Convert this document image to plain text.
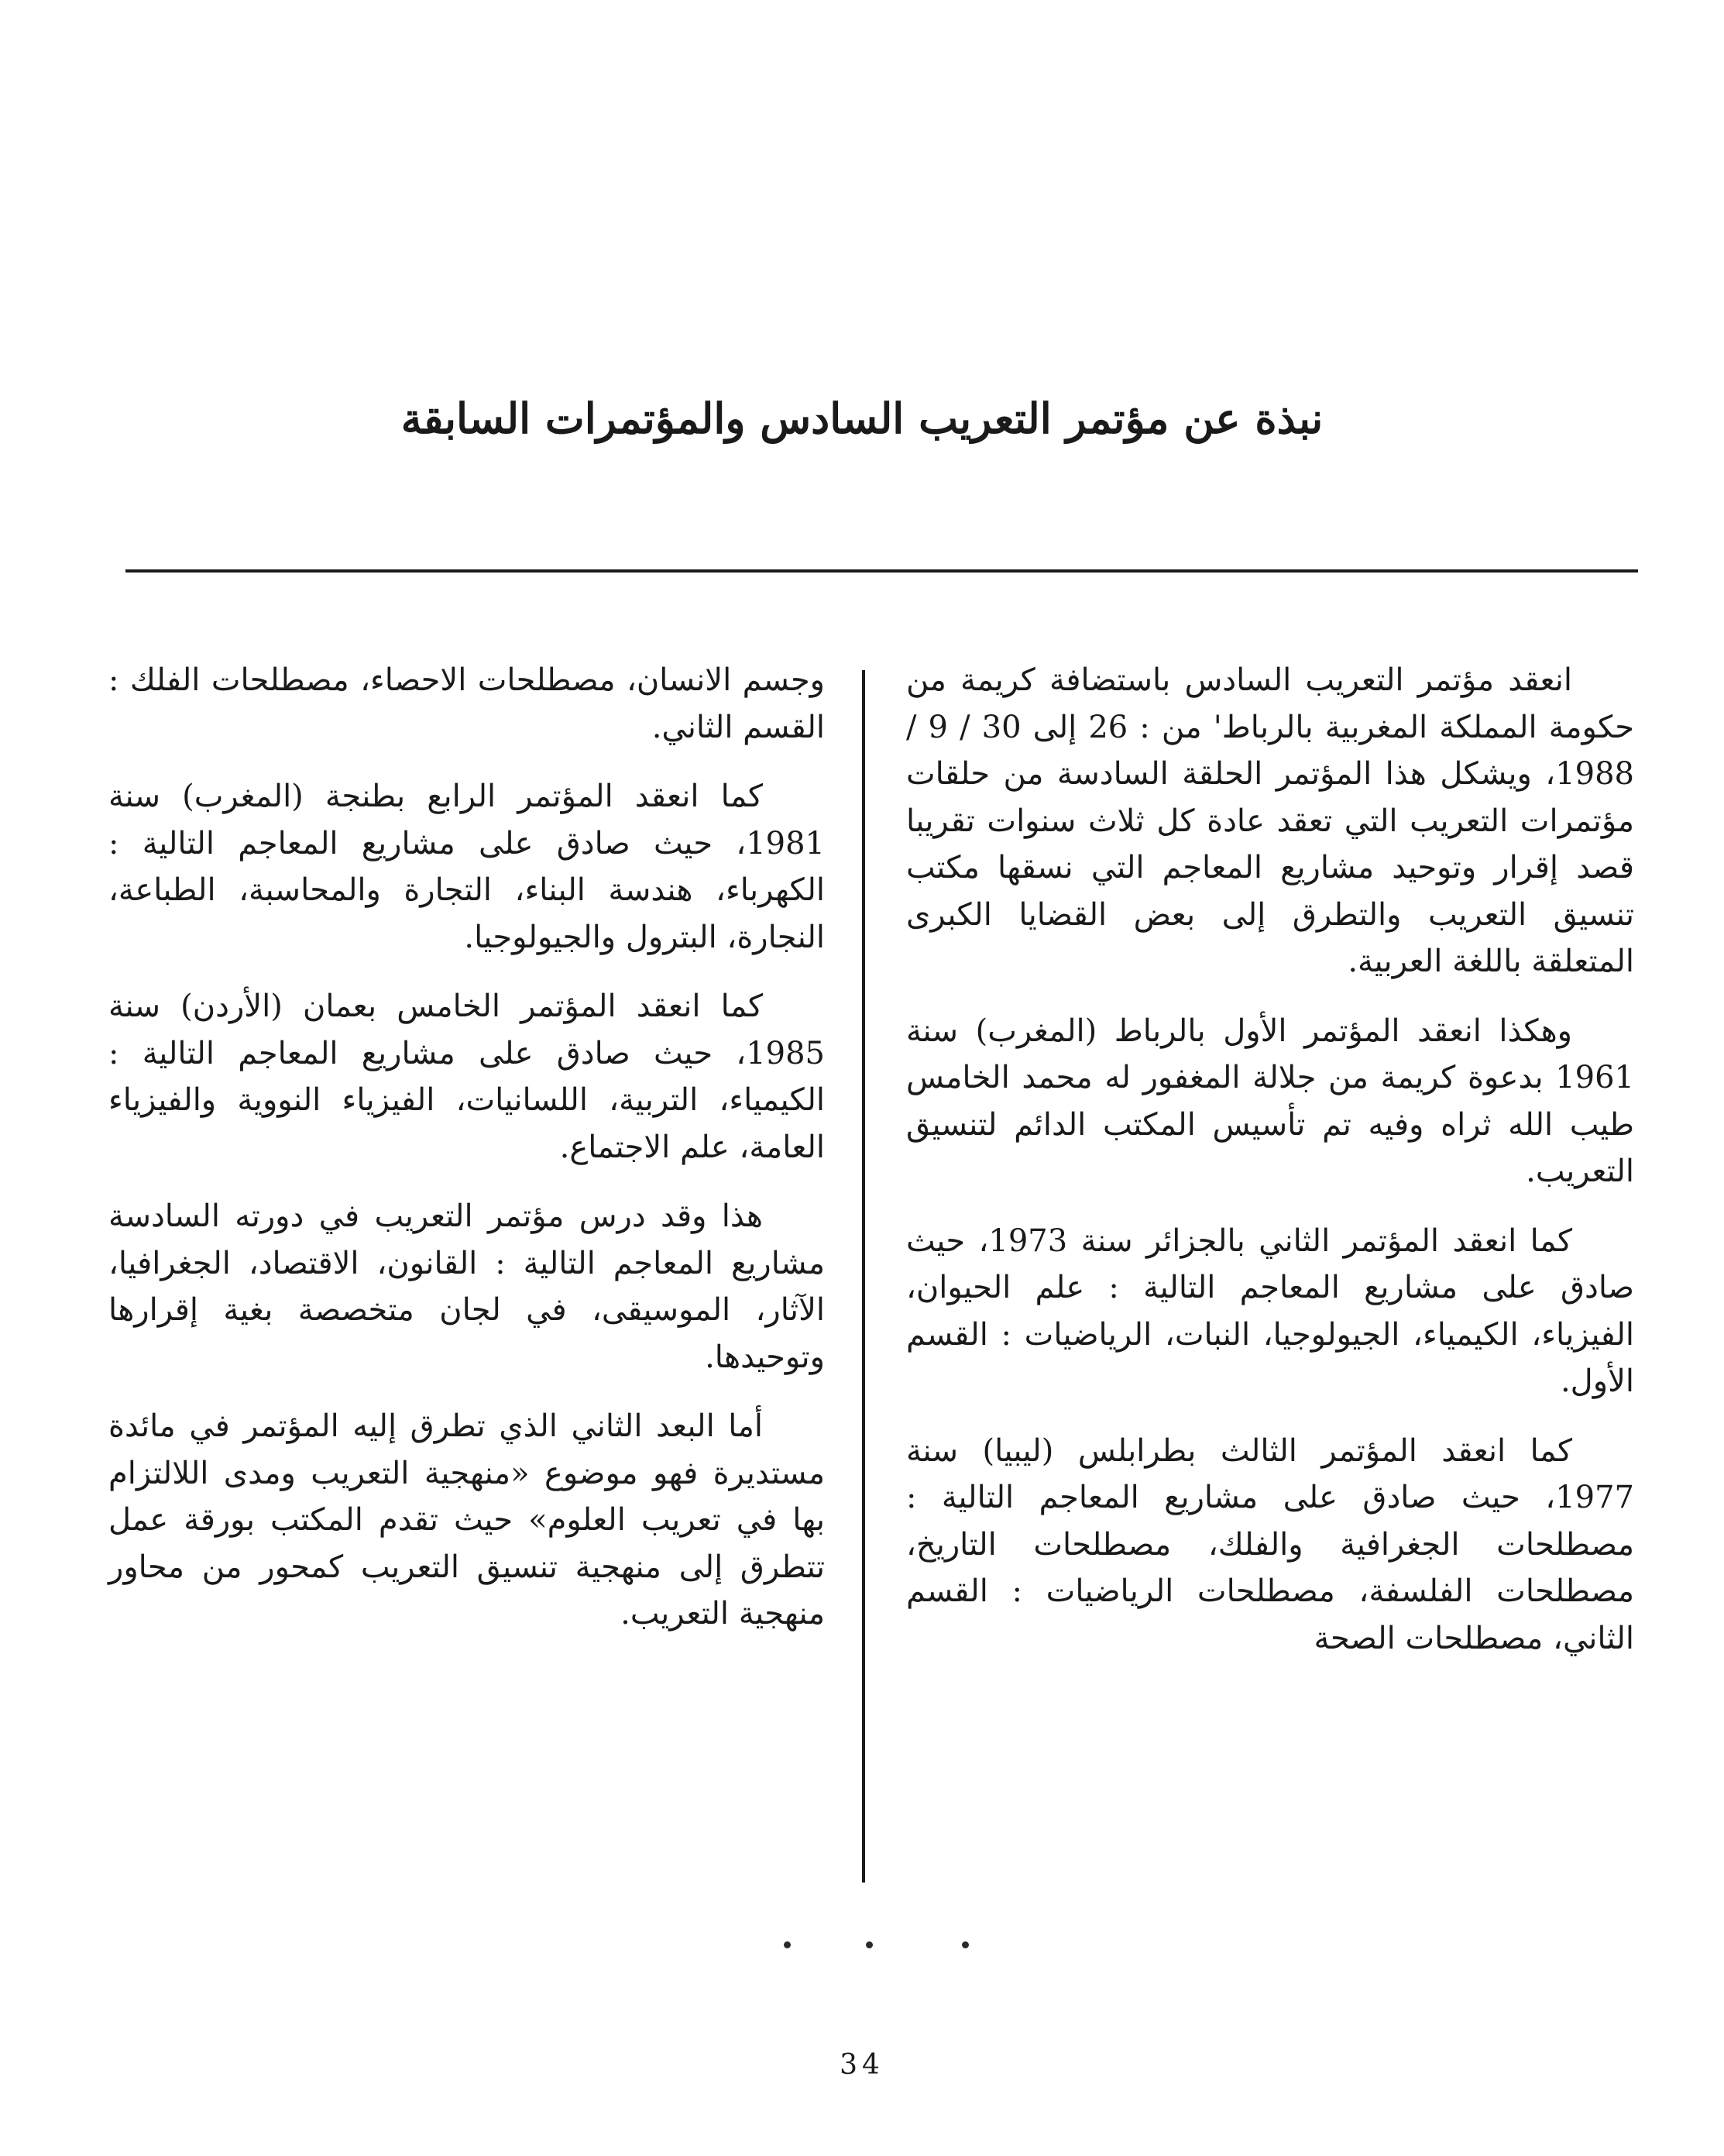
نبذة عن مؤتمر التعريب السادس والمؤتمرات السابقة

انعقد مؤتمر التعريب السادس باستضافة كريمة من حكومة المملكة المغربية بالرباط' من : 26 إلى 30 / 9 / 1988، ويشكل هذا المؤتمر الحلقة السادسة من حلقات مؤتمرات التعريب التي تعقد عادة كل ثلاث سنوات تقريبا قصد إقرار وتوحيد مشاريع المعاجم التي نسقها مكتب تنسيق التعريب والتطرق إلى بعض القضايا الكبرى المتعلقة باللغة العربية.

وهكذا انعقد المؤتمر الأول بالرباط (المغرب) سنة 1961 بدعوة كريمة من جلالة المغفور له محمد الخامس طيب الله ثراه وفيه تم تأسيس المكتب الدائم لتنسيق التعريب.

كما انعقد المؤتمر الثاني بالجزائر سنة 1973، حيث صادق على مشاريع المعاجم التالية : علم الحيوان، الفيزياء، الكيمياء، الجيولوجيا، النبات، الرياضيات : القسم الأول.

كما انعقد المؤتمر الثالث بطرابلس (ليبيا) سنة 1977، حيث صادق على مشاريع المعاجم التالية : مصطلحات الجغرافية والفلك، مصطلحات التاريخ، مصطلحات الفلسفة، مصطلحات الرياضيات : القسم الثاني، مصطلحات الصحة

وجسم الانسان، مصطلحات الاحصاء، مصطلحات الفلك : القسم الثاني.

كما انعقد المؤتمر الرابع بطنجة (المغرب) سنة 1981، حيث صادق على مشاريع المعاجم التالية : الكهرباء، هندسة البناء، التجارة والمحاسبة، الطباعة، النجارة، البترول والجيولوجيا.

كما انعقد المؤتمر الخامس بعمان (الأردن) سنة 1985، حيث صادق على مشاريع المعاجم التالية : الكيمياء، التربية، اللسانيات، الفيزياء النووية والفيزياء العامة، علم الاجتماع.

هذا وقد درس مؤتمر التعريب في دورته السادسة مشاريع المعاجم التالية : القانون، الاقتصاد، الجغرافيا، الآثار، الموسيقى، في لجان متخصصة بغية إقرارها وتوحيدها.

أما البعد الثاني الذي تطرق إليه المؤتمر في مائدة مستديرة فهو موضوع «منهجية التعريب ومدى اللالتزام بها في تعريب العلوم» حيث تقدم المكتب بورقة عمل تتطرق إلى منهجية تنسيق التعريب كمحور من محاور منهجية التعريب.

34
